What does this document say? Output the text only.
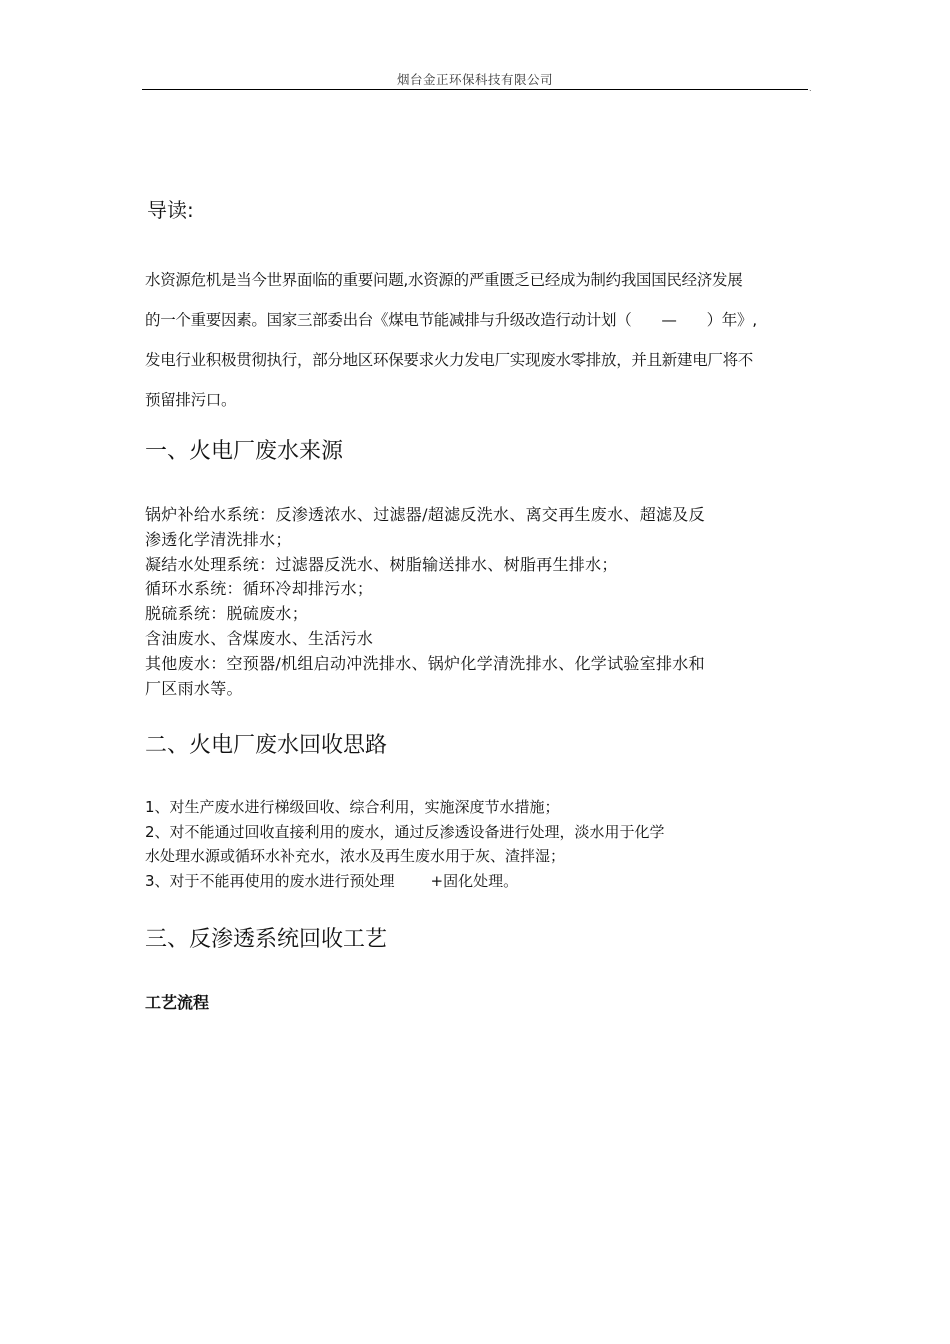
烟台金正环保科技有限公司
.
导读:

水资源危机是当今世界面临的重要问题,水资源的严重匮乏已经成为制约我国国民经济发展
的一个重要因素。国家三部委出台《煤电节能减排与升级改造行动计划（ — ）年》,
发电行业积极贯彻执行，部分地区环保要求火力发电厂实现废水零排放，并且新建电厂将不
预留排污口。

一、火电厂废水来源

锅炉补给水系统：反渗透浓水、过滤器/超滤反洗水、离交再生废水、超滤及反
渗透化学清洗排水；
凝结水处理系统：过滤器反洗水、树脂输送排水、树脂再生排水；
循环水系统：循环冷却排污水；
脱硫系统：脱硫废水；
含油废水、含煤废水、生活污水
其他废水：空预器/机组启动冲洗排水、锅炉化学清洗排水、化学试验室排水和
厂区雨水等。

二、火电厂废水回收思路

1、对生产废水进行梯级回收、综合利用，实施深度节水措施；
2、对不能通过回收直接利用的废水，通过反渗透设备进行处理，淡水用于化学
水处理水源或循环水补充水，浓水及再生废水用于灰、渣拌湿；
3、对于不能再使用的废水进行预处理 +固化处理。

三、反渗透系统回收工艺
工艺流程
